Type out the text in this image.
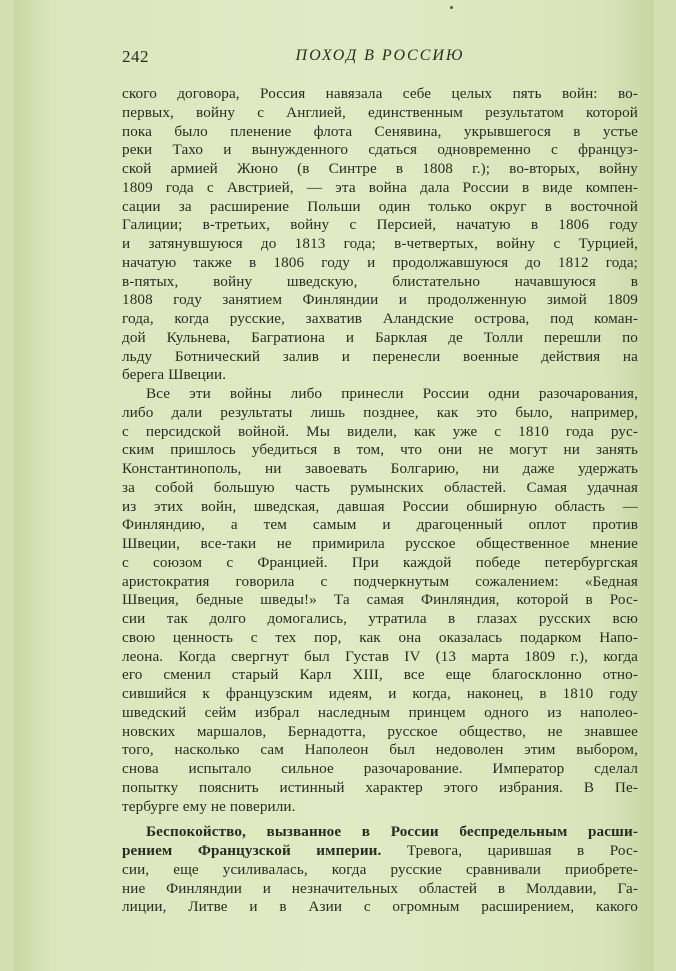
242	ПОХОД В РОССИЮ
ского договора, Россия навязала себе целых пять войн: во-
первых, войну с Англией, единственным результатом которой
пока было пленение флота Сенявина, укрывшегося в устье
реки Тахо и вынужденного сдаться одновременно с француз-
ской армией Жюно (в Синтре в 1808 г.); во-вторых, войну
1809 года с Австрией, — эта война дала России в виде компен-
сации за расширение Польши один только округ в восточной
Галиции; в-третьих, войну с Персией, начатую в 1806 году
и затянувшуюся до 1813 года; в-четвертых, войну с Турцией,
начатую также в 1806 году и продолжавшуюся до 1812 года;
в-пятых, войну шведскую, блистательно начавшуюся в
1808 году занятием Финляндии и продолженную зимой 1809
года, когда русские, захватив Аландские острова, под коман-
дой Кульнева, Багратиона и Барклая де Толли перешли по
льду Ботнический залив и перенесли военные действия на
берега Швеции.
Все эти войны либо принесли России одни разочарования,
либо дали результаты лишь позднее, как это было, например,
с персидской войной. Мы видели, как уже с 1810 года рус-
ским пришлось убедиться в том, что они не могут ни занять
Константинополь, ни завоевать Болгарию, ни даже удержать
за собой большую часть румынских областей. Самая удачная
из этих войн, шведская, давшая России обширную область —
Финляндию, а тем самым и драгоценный оплот против
Швеции, все-таки не примирила русское общественное мнение
с союзом с Францией. При каждой победе петербургская
аристократия говорила с подчеркнутым сожалением: «Бедная
Швеция, бедные шведы!» Та самая Финляндия, которой в Рос-
сии так долго домогались, утратила в глазах русских всю
свою ценность с тех пор, как она оказалась подарком Напо-
леона. Когда свергнут был Густав IV (13 марта 1809 г.), когда
его сменил старый Карл XIII, все еще благосклонно отно-
сившийся к французским идеям, и когда, наконец, в 1810 году
шведский сейм избрал наследным принцем одного из наполео-
новских маршалов, Бернадотта, русское общество, не знавшее
того, насколько сам Наполеон был недоволен этим выбором,
снова испытало сильное разочарование. Император сделал
попытку пояснить истинный характер этого избрания. В Пе-
тербурге ему не поверили.
Беспокойство, вызванное в России беспредельным расши-
рением Французской империи. Тревога, царившая в Рос-
сии, еще усиливалась, когда русские сравнивали приобрете-
ние Финляндии и незначительных областей в Молдавии, Га-
лиции, Литве и в Азии с огромным расширением, какого
